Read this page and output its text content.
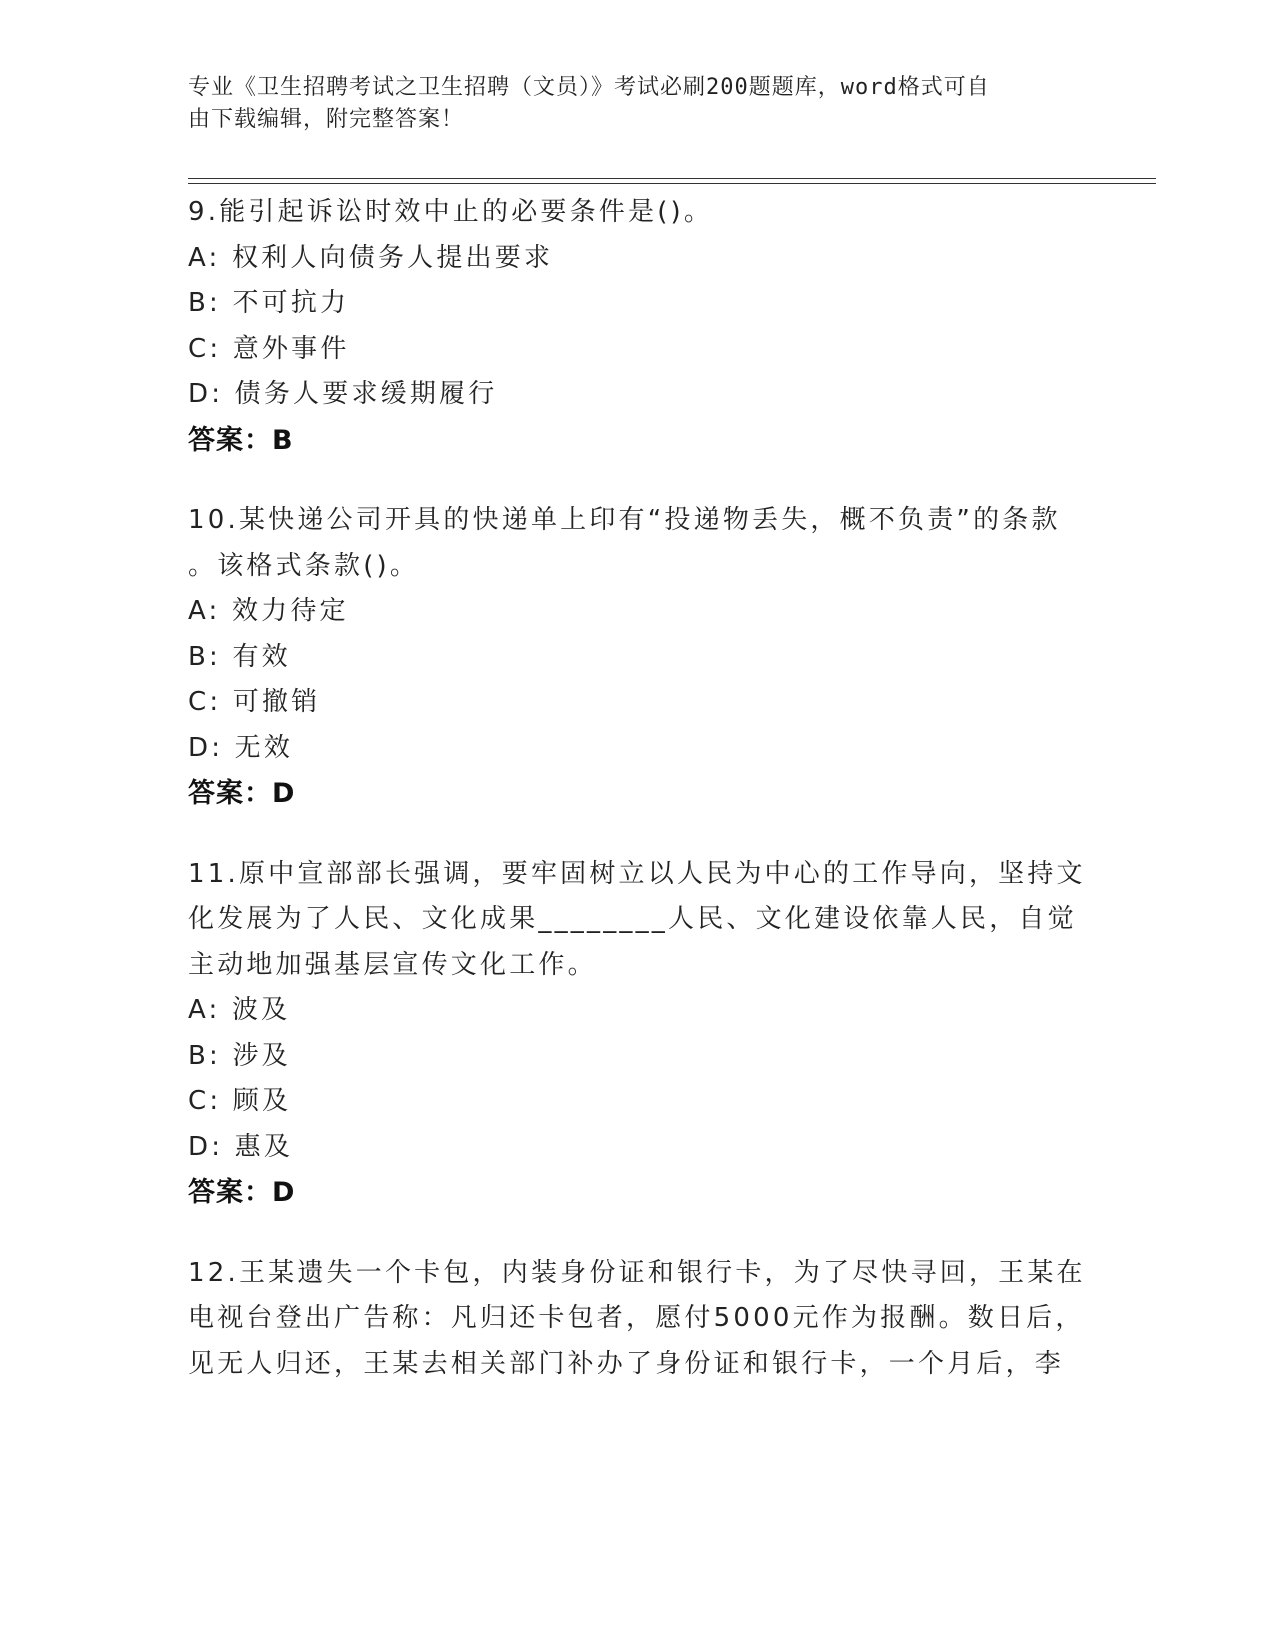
专业《卫生招聘考试之卫生招聘（文员）》考试必刷200题题库，word格式可自
由下载编辑，附完整答案！
9.能引起诉讼时效中止的必要条件是()。
A: 权利人向债务人提出要求
B: 不可抗力
C: 意外事件
D: 债务人要求缓期履行
答案：B
10.某快递公司开具的快递单上印有“投递物丢失，概不负责”的条款
。该格式条款()。
A: 效力待定
B: 有效
C: 可撤销
D: 无效
答案：D
11.原中宣部部长强调，要牢固树立以人民为中心的工作导向，坚持文
化发展为了人民、文化成果________人民、文化建设依靠人民，自觉
主动地加强基层宣传文化工作。
A: 波及
B: 涉及
C: 顾及
D: 惠及
答案：D
12.王某遗失一个卡包，内装身份证和银行卡，为了尽快寻回，王某在
电视台登出广告称：凡归还卡包者，愿付5000元作为报酬。数日后，
见无人归还，王某去相关部门补办了身份证和银行卡，一个月后，李
